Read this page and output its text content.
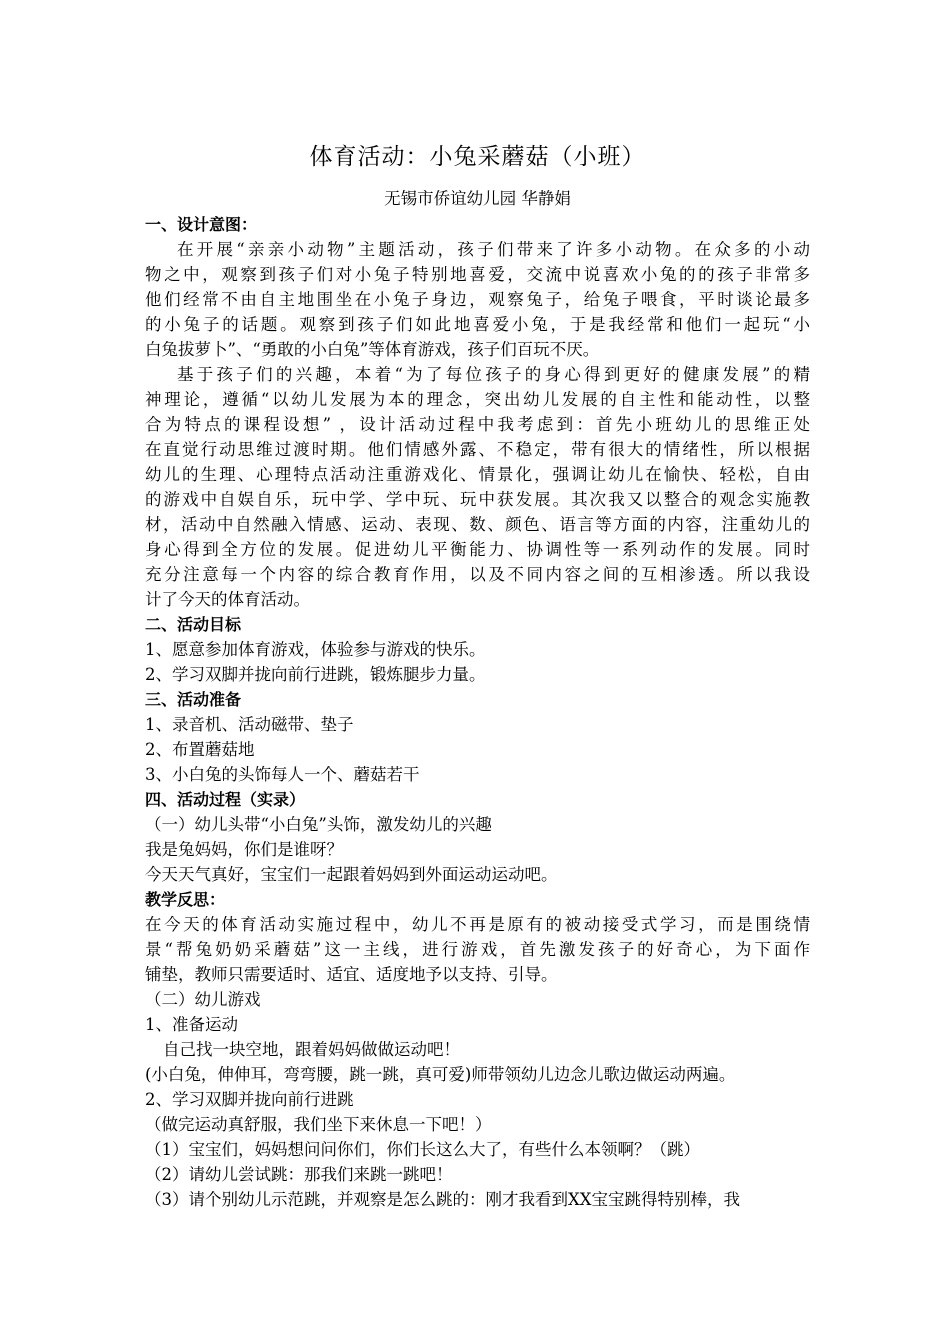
体育活动：小兔采蘑菇（小班）
无锡市侨谊幼儿园 华静娟
一、设计意图：
在开展“亲亲小动物”主题活动，孩子们带来了许多小动物。在众多的小动
物之中，观察到孩子们对小兔子特别地喜爱，交流中说喜欢小兔的的孩子非常多
他们经常不由自主地围坐在小兔子身边，观察兔子，给兔子喂食，平时谈论最多
的小兔子的话题。观察到孩子们如此地喜爱小兔，于是我经常和他们一起玩“小
白兔拔萝卜”、“勇敢的小白兔”等体育游戏，孩子们百玩不厌。
基于孩子们的兴趣，本着“为了每位孩子的身心得到更好的健康发展”的精
神理论，遵循“以幼儿发展为本的理念，突出幼儿发展的自主性和能动性，以整
合为特点的课程设想” ，设计活动过程中我考虑到：首先小班幼儿的思维正处
在直觉行动思维过渡时期。他们情感外露、不稳定，带有很大的情绪性，所以根据
幼儿的生理、心理特点活动注重游戏化、情景化，强调让幼儿在愉快、轻松，自由
的游戏中自娱自乐，玩中学、学中玩、玩中获发展。其次我又以整合的观念实施教
材，活动中自然融入情感、运动、表现、数、颜色、语言等方面的内容，注重幼儿的
身心得到全方位的发展。促进幼儿平衡能力、协调性等一系列动作的发展。同时
充分注意每一个内容的综合教育作用，以及不同内容之间的互相渗透。所以我设
计了今天的体育活动。
二、活动目标
1、愿意参加体育游戏，体验参与游戏的快乐。
2、学习双脚并拢向前行进跳，锻炼腿步力量。
三、活动准备
1、录音机、活动磁带、垫子
2、布置蘑菇地
3、小白兔的头饰每人一个、蘑菇若干
四、活动过程（实录）
（一）幼儿头带“小白兔”头饰，激发幼儿的兴趣
我是兔妈妈，你们是谁呀？
今天天气真好，宝宝们一起跟着妈妈到外面运动运动吧。
教学反思：
在今天的体育活动实施过程中，幼儿不再是原有的被动接受式学习，而是围绕情
景“帮兔奶奶采蘑菇”这一主线，进行游戏，首先激发孩子的好奇心，为下面作
铺垫，教师只需要适时、适宜、适度地予以支持、引导。
（二）幼儿游戏
1、准备运动
自己找一块空地，跟着妈妈做做运动吧！
(小白兔，伸伸耳，弯弯腰，跳一跳，真可爱)师带领幼儿边念儿歌边做运动两遍。
2、学习双脚并拢向前行进跳
（做完运动真舒服，我们坐下来休息一下吧！）
（1）宝宝们，妈妈想问问你们，你们长这么大了，有些什么本领啊？（跳）
（2）请幼儿尝试跳：那我们来跳一跳吧！
（3）请个别幼儿示范跳，并观察是怎么跳的：刚才我看到XX宝宝跳得特别棒，我
